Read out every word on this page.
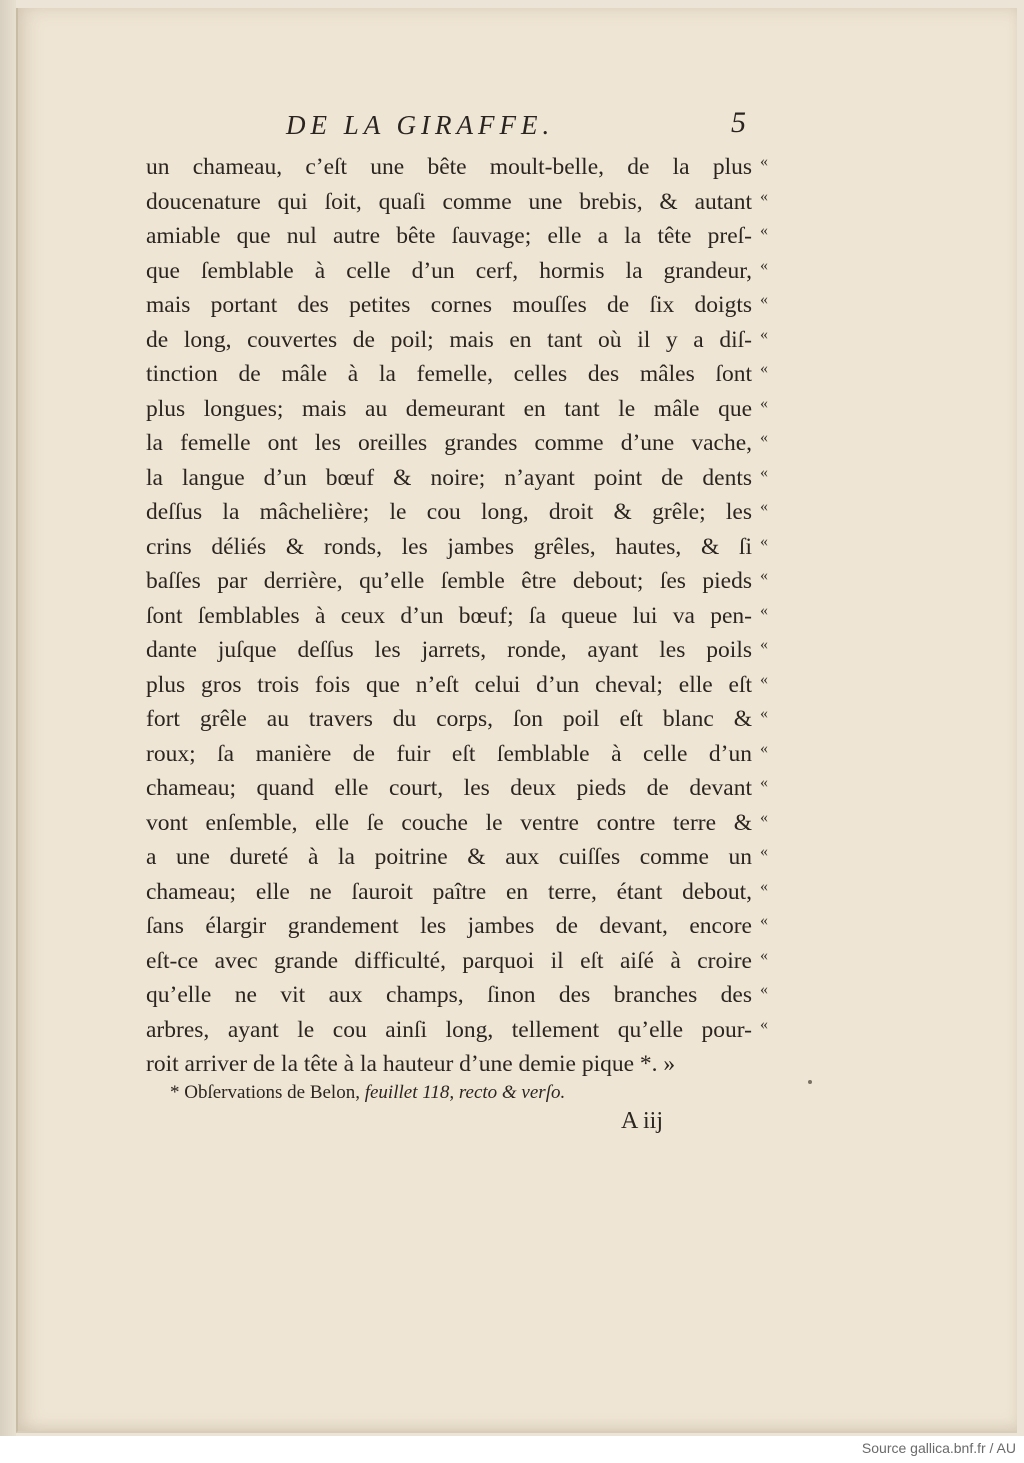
DE LA GIRAFFE.	5
un chameau, c’eſt une bête moult-belle, de la plus «
doucenature qui ſoit, quaſi comme une brebis, & autant «
amiable que nul autre bête ſauvage; elle a la tête preſ- «
que ſemblable à celle d’un cerf, hormis la grandeur, «
mais portant des petites cornes mouſſes de ſix doigts «
de long, couvertes de poil; mais en tant où il y a diſ- «
tinction de mâle à la femelle, celles des mâles ſont «
plus longues; mais au demeurant en tant le mâle que «
la femelle ont les oreilles grandes comme d’une vache, «
la langue d’un bœuf & noire; n’ayant point de dents «
deſſus la mâchelière; le cou long, droit & grêle; les «
crins déliés & ronds, les jambes grêles, hautes, & ſi «
baſſes par derrière, qu’elle ſemble être debout; ſes pieds «
ſont ſemblables à ceux d’un bœuf; ſa queue lui va pen- «
dante juſque deſſus les jarrets, ronde, ayant les poils «
plus gros trois fois que n’eſt celui d’un cheval; elle eſt «
fort grêle au travers du corps, ſon poil eſt blanc & «
roux; ſa manière de fuir eſt ſemblable à celle d’un «
chameau; quand elle court, les deux pieds de devant «
vont enſemble, elle ſe couche le ventre contre terre & «
a une dureté à la poitrine & aux cuiſſes comme un «
chameau; elle ne ſauroit paître en terre, étant debout, «
ſans élargir grandement les jambes de devant, encore «
eſt-ce avec grande difficulté, parquoi il eſt aiſé à croire «
qu’elle ne vit aux champs, ſinon des branches des «
arbres, ayant le cou ainſi long, tellement qu’elle pour- «
roit arriver de la tête à la hauteur d’une demie pique *. »
* Obſervations de Belon, feuillet 118, recto & verſo.
A iij
Source gallica.bnf.fr / AU
